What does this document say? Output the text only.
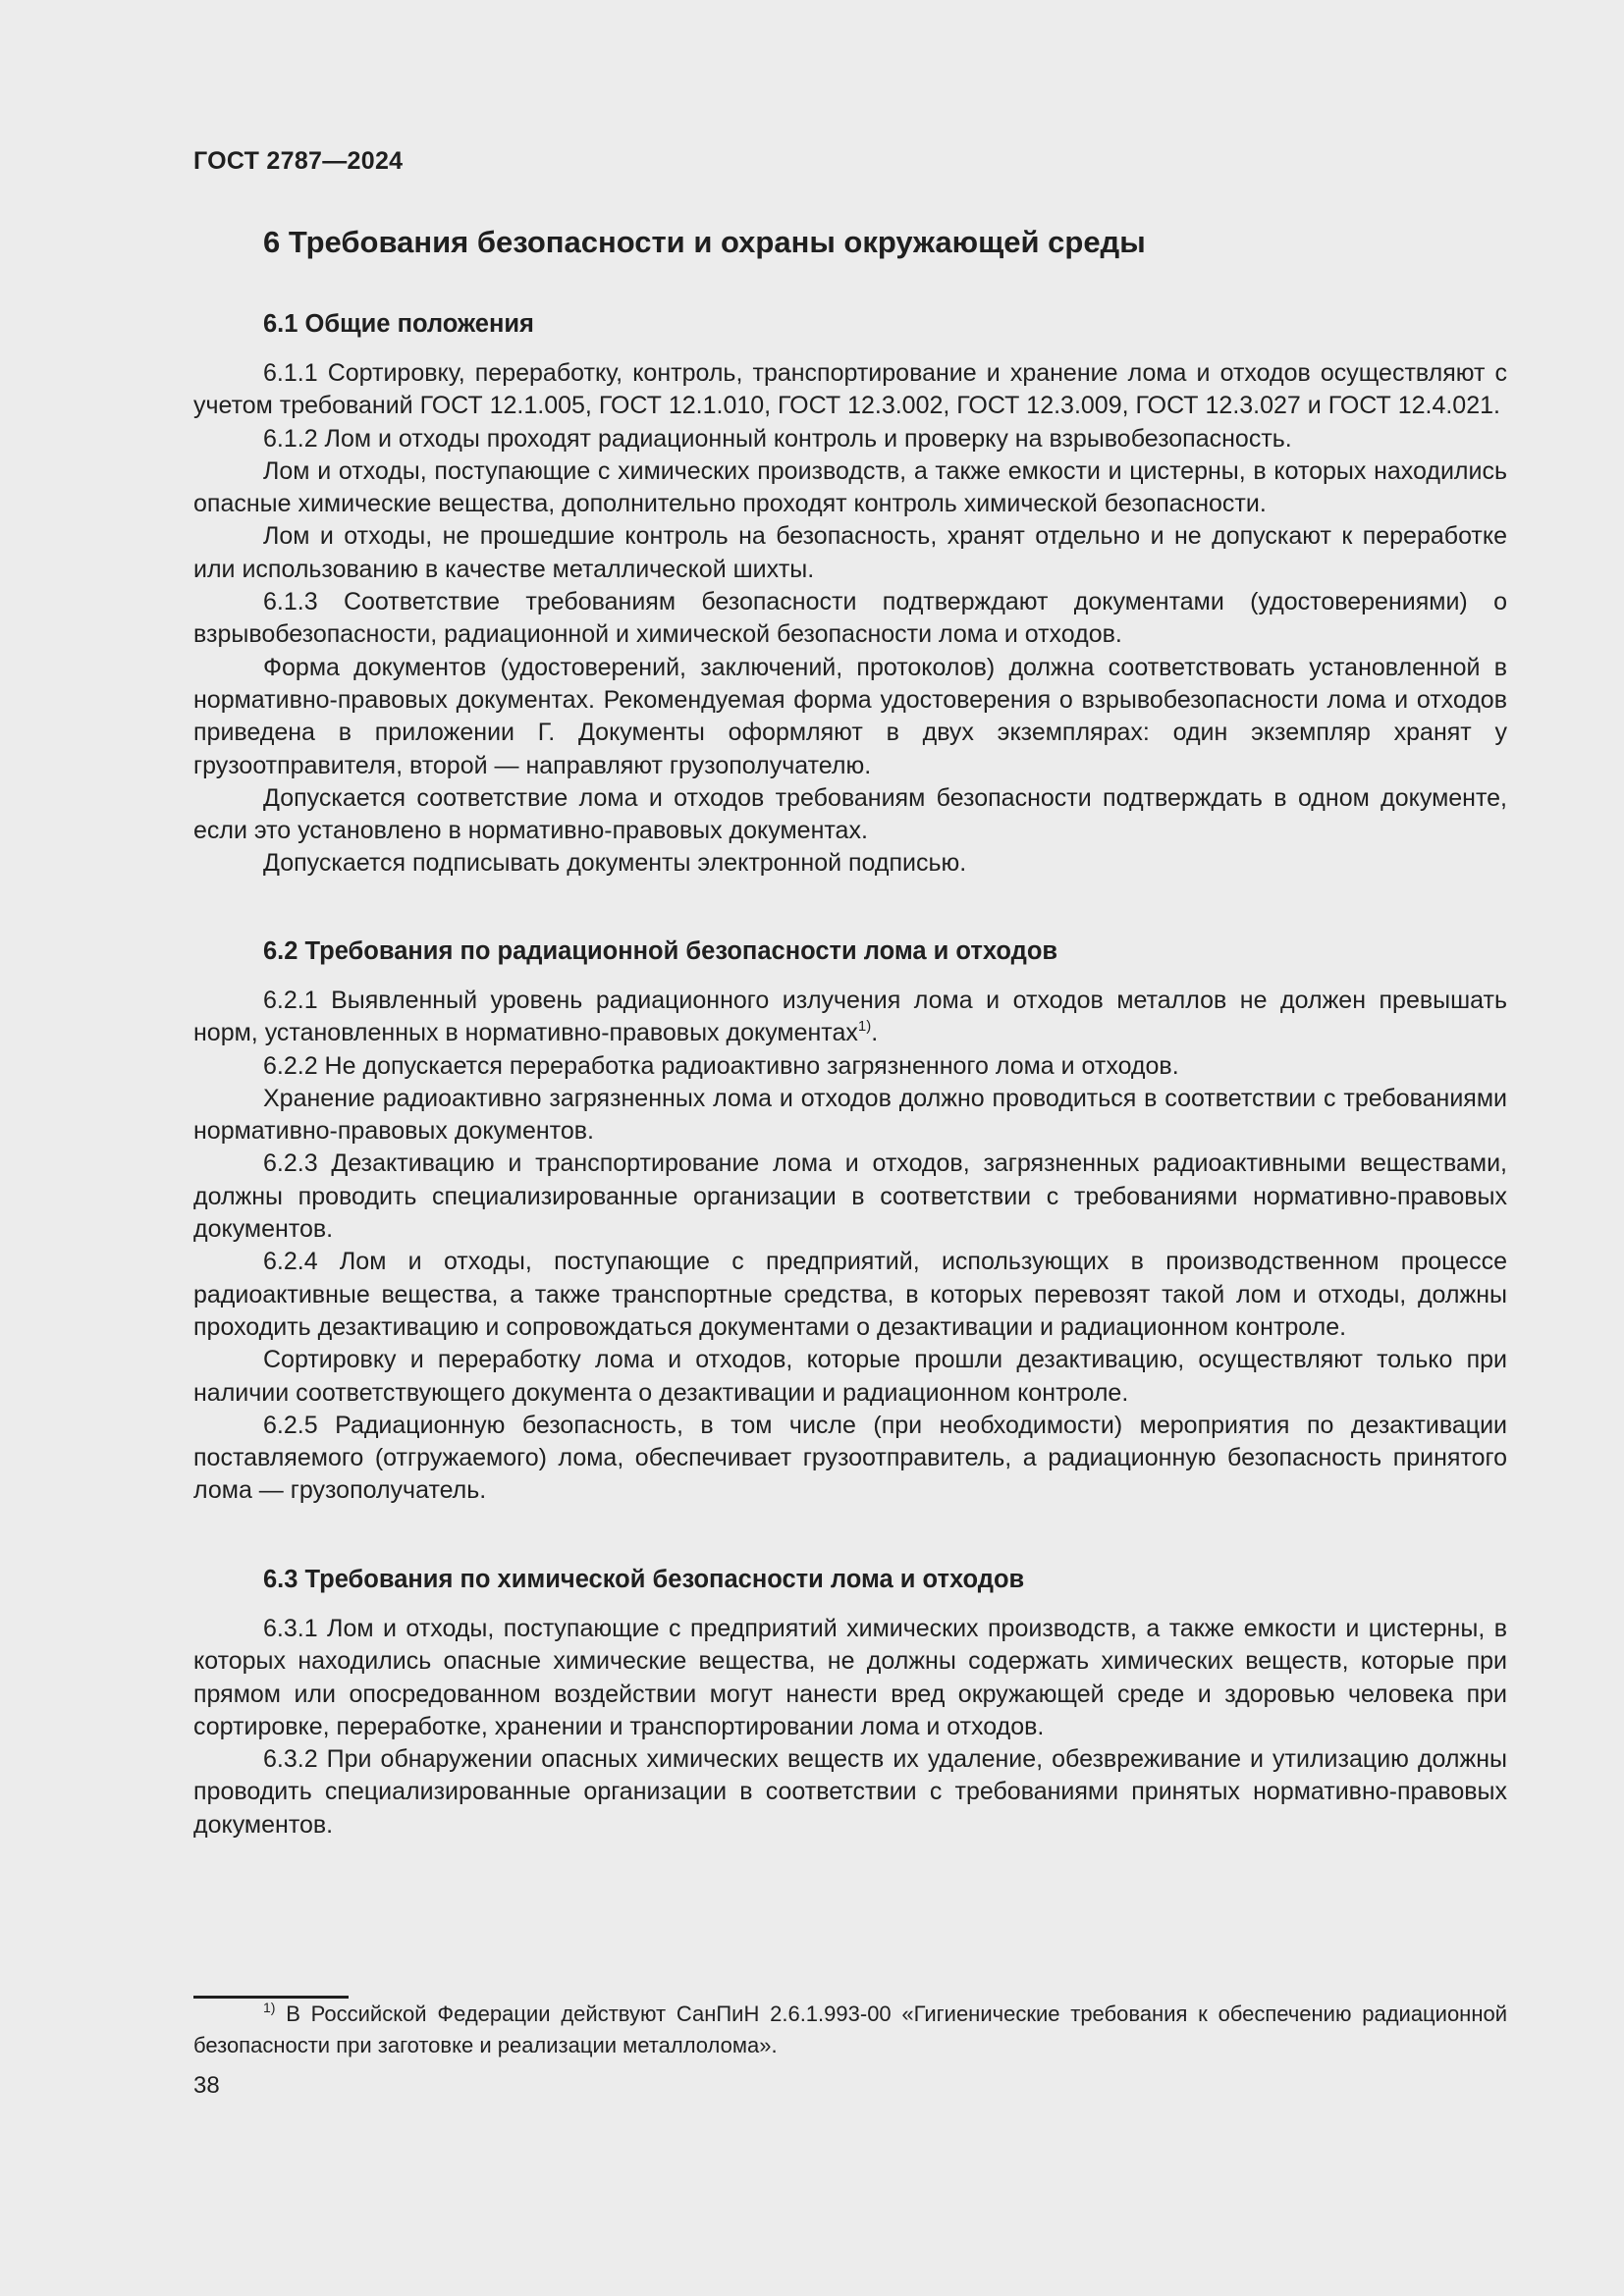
ГОСТ 2787—2024
6 Требования безопасности и охраны окружающей среды
6.1 Общие положения

6.1.1 Сортировку, переработку, контроль, транспортирование и хранение лома и отходов осуществляют с учетом требований ГОСТ 12.1.005, ГОСТ 12.1.010, ГОСТ 12.3.002, ГОСТ 12.3.009, ГОСТ 12.3.027 и ГОСТ 12.4.021.

6.1.2 Лом и отходы проходят радиационный контроль и проверку на взрывобезопасность.

Лом и отходы, поступающие с химических производств, а также емкости и цистерны, в которых находились опасные химические вещества, дополнительно проходят контроль химической безопасности.

Лом и отходы, не прошедшие контроль на безопасность, хранят отдельно и не допускают к переработке или использованию в качестве металлической шихты.

6.1.3 Соответствие требованиям безопасности подтверждают документами (удостоверениями) о взрывобезопасности, радиационной и химической безопасности лома и отходов.

Форма документов (удостоверений, заключений, протоколов) должна соответствовать установленной в нормативно-правовых документах. Рекомендуемая форма удостоверения о взрывобезопасности лома и отходов приведена в приложении Г. Документы оформляют в двух экземплярах: один экземпляр хранят у грузоотправителя, второй — направляют грузополучателю.

Допускается соответствие лома и отходов требованиям безопасности подтверждать в одном документе, если это установлено в нормативно-правовых документах.

Допускается подписывать документы электронной подписью.

6.2 Требования по радиационной безопасности лома и отходов

6.2.1 Выявленный уровень радиационного излучения лома и отходов металлов не должен превышать норм, установленных в нормативно-правовых документах$^{1)}$.

6.2.2 Не допускается переработка радиоактивно загрязненного лома и отходов.

Хранение радиоактивно загрязненных лома и отходов должно проводиться в соответствии с требованиями нормативно-правовых документов.

6.2.3 Дезактивацию и транспортирование лома и отходов, загрязненных радиоактивными веществами, должны проводить специализированные организации в соответствии с требованиями нормативно-правовых документов.

6.2.4 Лом и отходы, поступающие с предприятий, использующих в производственном процессе радиоактивные вещества, а также транспортные средства, в которых перевозят такой лом и отходы, должны проходить дезактивацию и сопровождаться документами о дезактивации и радиационном контроле.

Сортировку и переработку лома и отходов, которые прошли дезактивацию, осуществляют только при наличии соответствующего документа о дезактивации и радиационном контроле.

6.2.5 Радиационную безопасность, в том числе (при необходимости) мероприятия по дезактивации поставляемого (отгружаемого) лома, обеспечивает грузоотправитель, а радиационную безопасность принятого лома — грузополучатель.

6.3 Требования по химической безопасности лома и отходов

6.3.1 Лом и отходы, поступающие с предприятий химических производств, а также емкости и цистерны, в которых находились опасные химические вещества, не должны содержать химических веществ, которые при прямом или опосредованном воздействии могут нанести вред окружающей среде и здоровью человека при сортировке, переработке, хранении и транспортировании лома и отходов.

6.3.2 При обнаружении опасных химических веществ их удаление, обезвреживание и утилизацию должны проводить специализированные организации в соответствии с требованиями принятых нормативно-правовых документов.

$^{1)}$ В Российской Федерации действуют СанПиН 2.6.1.993-00 «Гигиенические требования к обеспечению радиационной безопасности при заготовке и реализации металлолома».

38
